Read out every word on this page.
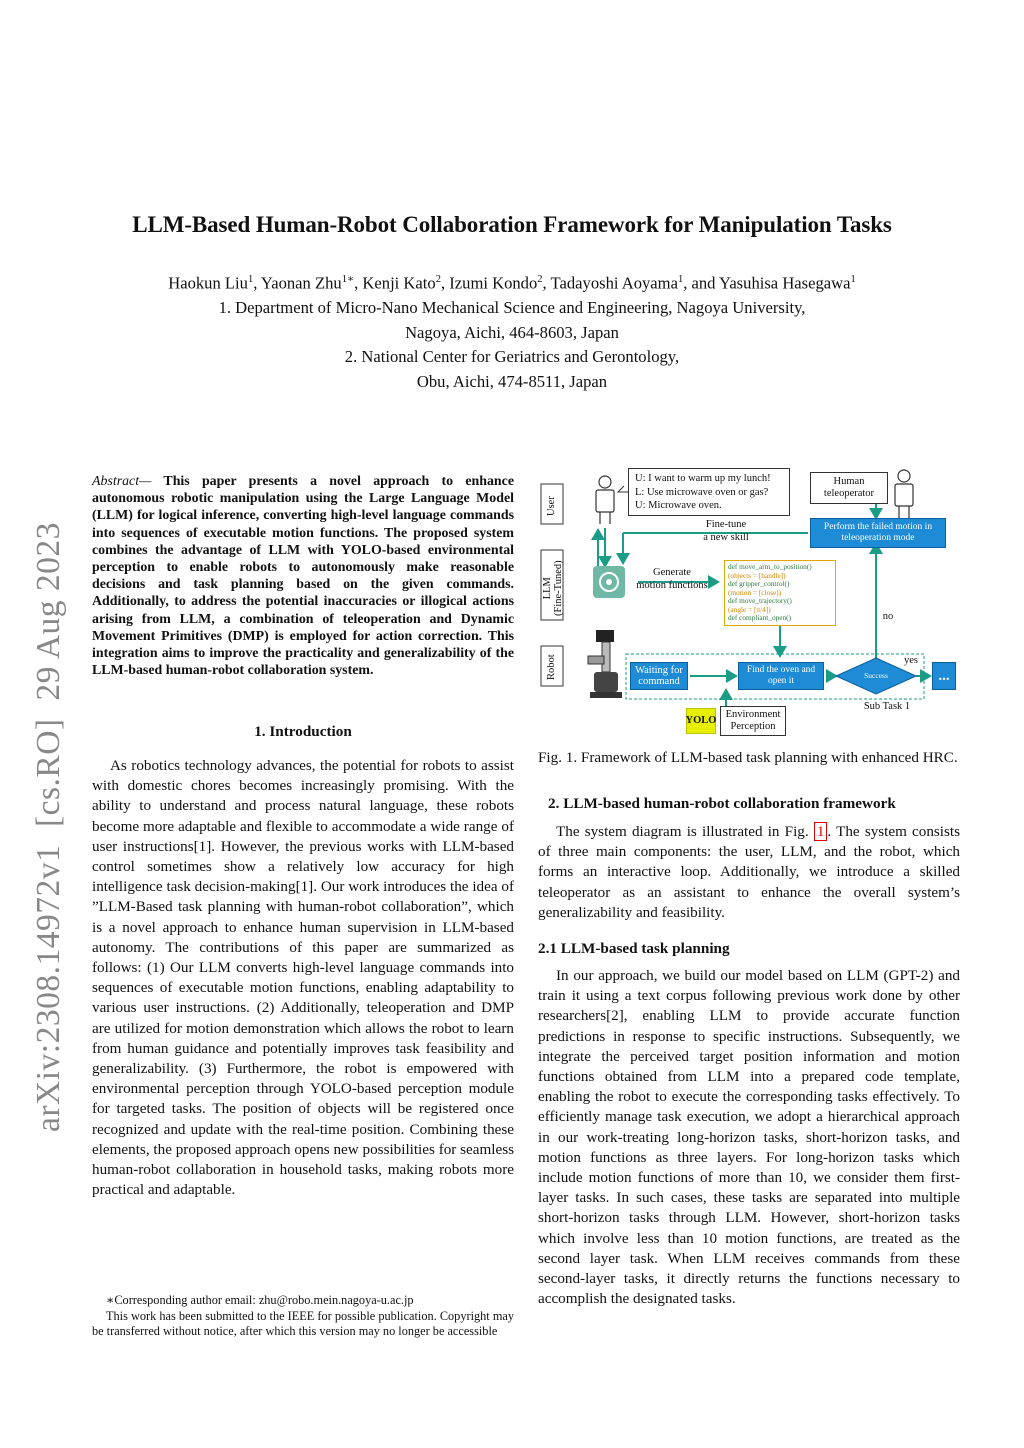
LLM-Based Human-Robot Collaboration Framework for Manipulation Tasks
Haokun Liu$^1$, Yaonan Zhu$^{1∗}$, Kenji Kato$^2$, Izumi Kondo$^2$, Tadayoshi Aoyama$^1$, and Yasuhisa Hasegawa$^1$
1. Department of Micro-Nano Mechanical Science and Engineering, Nagoya University,
Nagoya, Aichi, 464-8603, Japan
2. National Center for Geriatrics and Gerontology,
Obu, Aichi, 474-8511, Japan
arXiv:2308.14972v1  [cs.RO]  29 Aug 2023
Abstract— This paper presents a novel approach to enhance autonomous robotic manipulation using the Large Language Model (LLM) for logical inference, converting high-level language commands into sequences of executable motion functions. The proposed system combines the advantage of LLM with YOLO-based environmental perception to enable robots to autonomously make reasonable decisions and task planning based on the given commands. Additionally, to address the potential inaccuracies or illogical actions arising from LLM, a combination of teleoperation and Dynamic Movement Primitives (DMP) is employed for action correction. This integration aims to improve the practicality and generalizability of the LLM-based human-robot collaboration system.
1. Introduction

As robotics technology advances, the potential for robots to assist with domestic chores becomes increasingly promising. With the ability to understand and process natural language, these robots become more adaptable and flexible to accommodate a wide range of user instructions[1]. However, the previous works with LLM-based control sometimes show a relatively low accuracy for high intelligence task decision-making[1]. Our work introduces the idea of ”LLM-Based task planning with human-robot collaboration”, which is a novel approach to enhance human supervision in LLM-based autonomy. The contributions of this paper are summarized as follows: (1) Our LLM converts high-level language commands into sequences of executable motion functions, enabling adaptability to various user instructions. (2) Additionally, teleoperation and DMP are utilized for motion demonstration which allows the robot to learn from human guidance and potentially improves task feasibility and generalizability. (3) Furthermore, the robot is empowered with environmental perception through YOLO-based perception module for targeted tasks. The position of objects will be registered once recognized and update with the real-time position. Combining these elements, the proposed approach opens new possibilities for seamless human-robot collaboration in household tasks, making robots more practical and adaptable.

∗Corresponding author email: zhu@robo.mein.nagoya-u.ac.jp

This work has been submitted to the IEEE for possible publication. Copyright may be transferred without notice, after which this version may no longer be accessible

User
LLM
(Fine-Tuned)
Robot
U: I want to warm up my lunch!
L: Use microwave oven or gas?
U: Microwave oven.
Human teleoperator
Fine-tune
a new skill
Perform the failed motion in teleoperation mode
Generate
motion functions
def move_arm_to_position()
(objects = [handle])
def gripper_control()
(motion = [close])
def move_trajectory()
(angle = [π/4])
def compliant_open()	no
yes
Waiting for command
Find the oven and open it
Success	...
Sub Task 1
YOLO
Environment Perception
Fig. 1. Framework of LLM-based task planning with enhanced HRC.
2. LLM-based human-robot collaboration framework

The system diagram is illustrated in Fig. 1 . The system consists of three main components: the user, LLM, and the robot, which forms an interactive loop. Additionally, we introduce a skilled teleoperator as an assistant to enhance the overall system’s generalizability and feasibility.

2.1 LLM-based task planning

In our approach, we build our model based on LLM (GPT-2) and train it using a text corpus following previous work done by other researchers[2], enabling LLM to provide accurate function predictions in response to specific instructions. Subsequently, we integrate the perceived target position information and motion functions obtained from LLM into a prepared code template, enabling the robot to execute the corresponding tasks effectively. To efficiently manage task execution, we adopt a hierarchical approach in our work-treating long-horizon tasks, short-horizon tasks, and motion functions as three layers. For long-horizon tasks which include motion functions of more than 10, we consider them first-layer tasks. In such cases, these tasks are separated into multiple short-horizon tasks through LLM. However, short-horizon tasks which involve less than 10 motion functions, are treated as the second layer task. When LLM receives commands from these second-layer tasks, it directly returns the functions necessary to accomplish the designated tasks.
